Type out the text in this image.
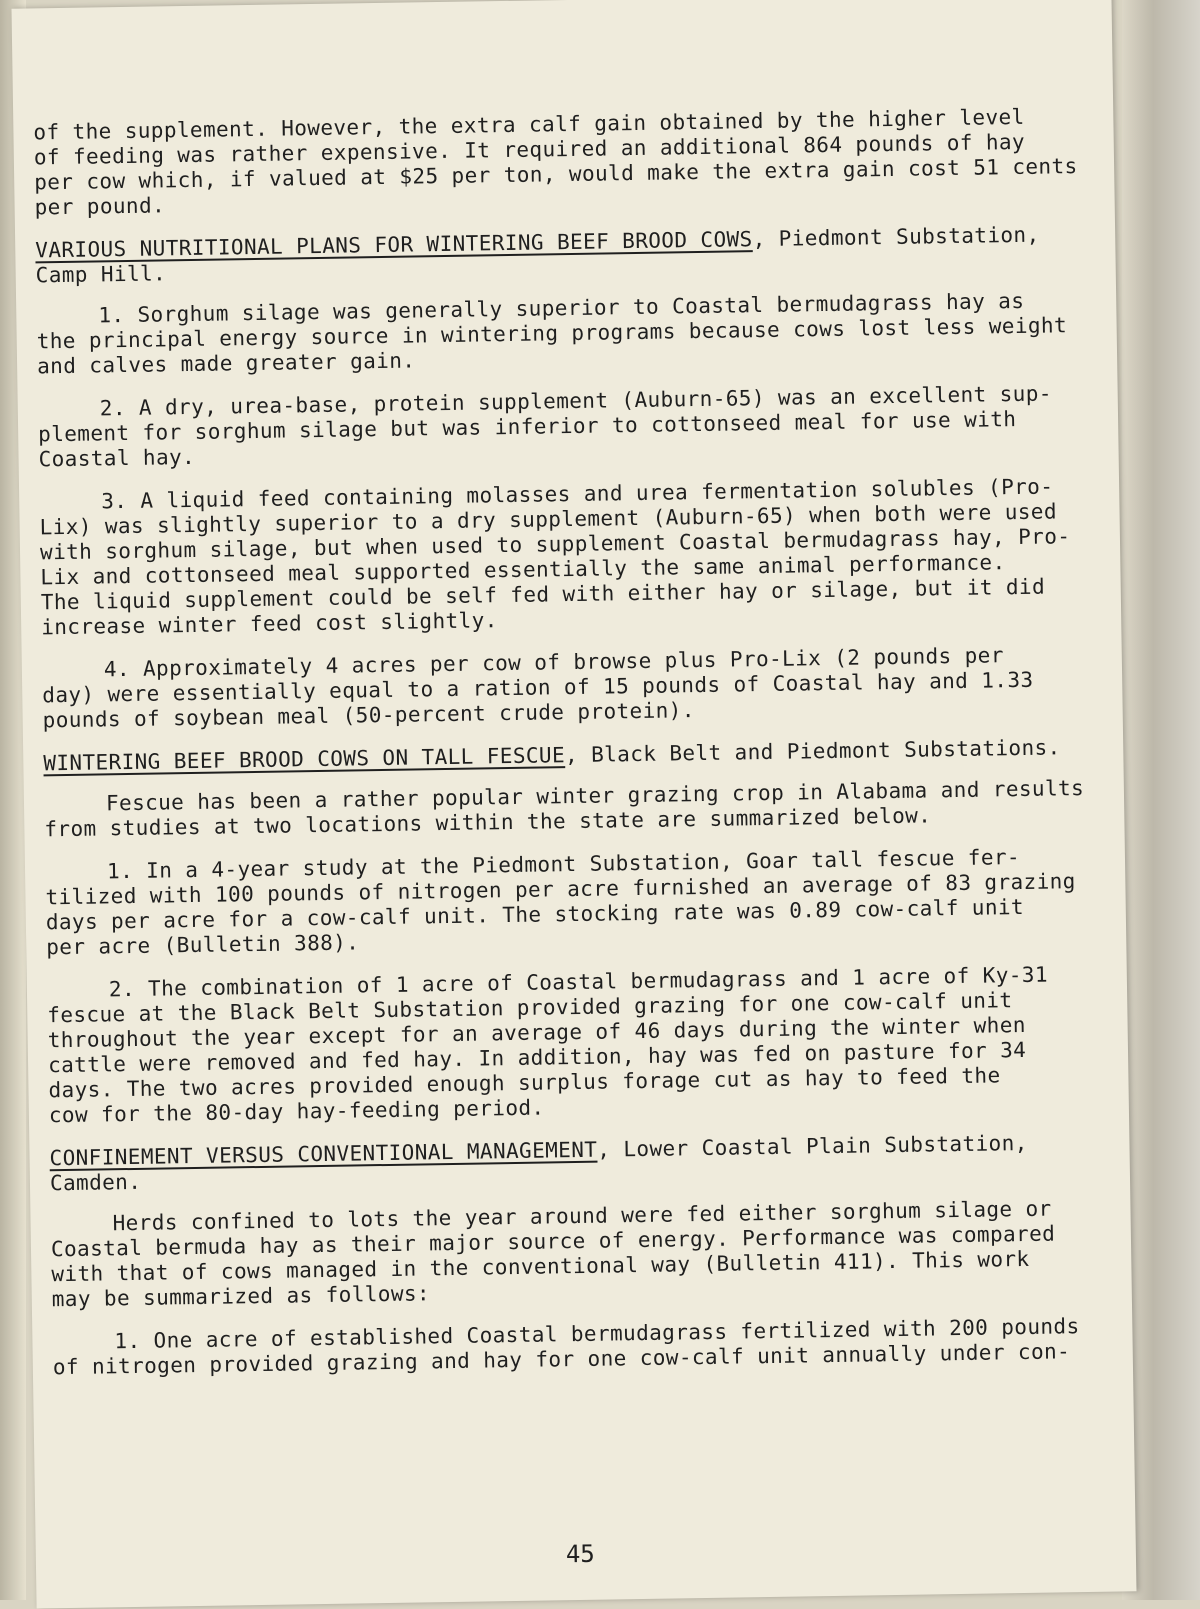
of the supplement. However, the extra calf gain obtained by the higher level
of feeding was rather expensive. It required an additional 864 pounds of hay
per cow which, if valued at $25 per ton, would make the extra gain cost 51 cents
per pound.

VARIOUS NUTRITIONAL PLANS FOR WINTERING BEEF BROOD COWS, Piedmont Substation,
Camp Hill.

1. Sorghum silage was generally superior to Coastal bermudagrass hay as
the principal energy source in wintering programs because cows lost less weight
and calves made greater gain.

2. A dry, urea-base, protein supplement (Auburn-65) was an excellent sup-
plement for sorghum silage but was inferior to cottonseed meal for use with
Coastal hay.

3. A liquid feed containing molasses and urea fermentation solubles (Pro-
Lix) was slightly superior to a dry supplement (Auburn-65) when both were used
with sorghum silage, but when used to supplement Coastal bermudagrass hay, Pro-
Lix and cottonseed meal supported essentially the same animal performance.
The liquid supplement could be self fed with either hay or silage, but it did
increase winter feed cost slightly.

4. Approximately 4 acres per cow of browse plus Pro-Lix (2 pounds per
day) were essentially equal to a ration of 15 pounds of Coastal hay and 1.33
pounds of soybean meal (50-percent crude protein).

WINTERING BEEF BROOD COWS ON TALL FESCUE, Black Belt and Piedmont Substations.

Fescue has been a rather popular winter grazing crop in Alabama and results
from studies at two locations within the state are summarized below.

1. In a 4-year study at the Piedmont Substation, Goar tall fescue fer-
tilized with 100 pounds of nitrogen per acre furnished an average of 83 grazing
days per acre for a cow-calf unit. The stocking rate was 0.89 cow-calf unit
per acre (Bulletin 388).

2. The combination of 1 acre of Coastal bermudagrass and 1 acre of Ky-31
fescue at the Black Belt Substation provided grazing for one cow-calf unit
throughout the year except for an average of 46 days during the winter when
cattle were removed and fed hay. In addition, hay was fed on pasture for 34
days. The two acres provided enough surplus forage cut as hay to feed the
cow for the 80-day hay-feeding period.

CONFINEMENT VERSUS CONVENTIONAL MANAGEMENT, Lower Coastal Plain Substation,
Camden.

Herds confined to lots the year around were fed either sorghum silage or
Coastal bermuda hay as their major source of energy. Performance was compared
with that of cows managed in the conventional way (Bulletin 411). This work
may be summarized as follows:

1. One acre of established Coastal bermudagrass fertilized with 200 pounds
of nitrogen provided grazing and hay for one cow-calf unit annually under con-

45
